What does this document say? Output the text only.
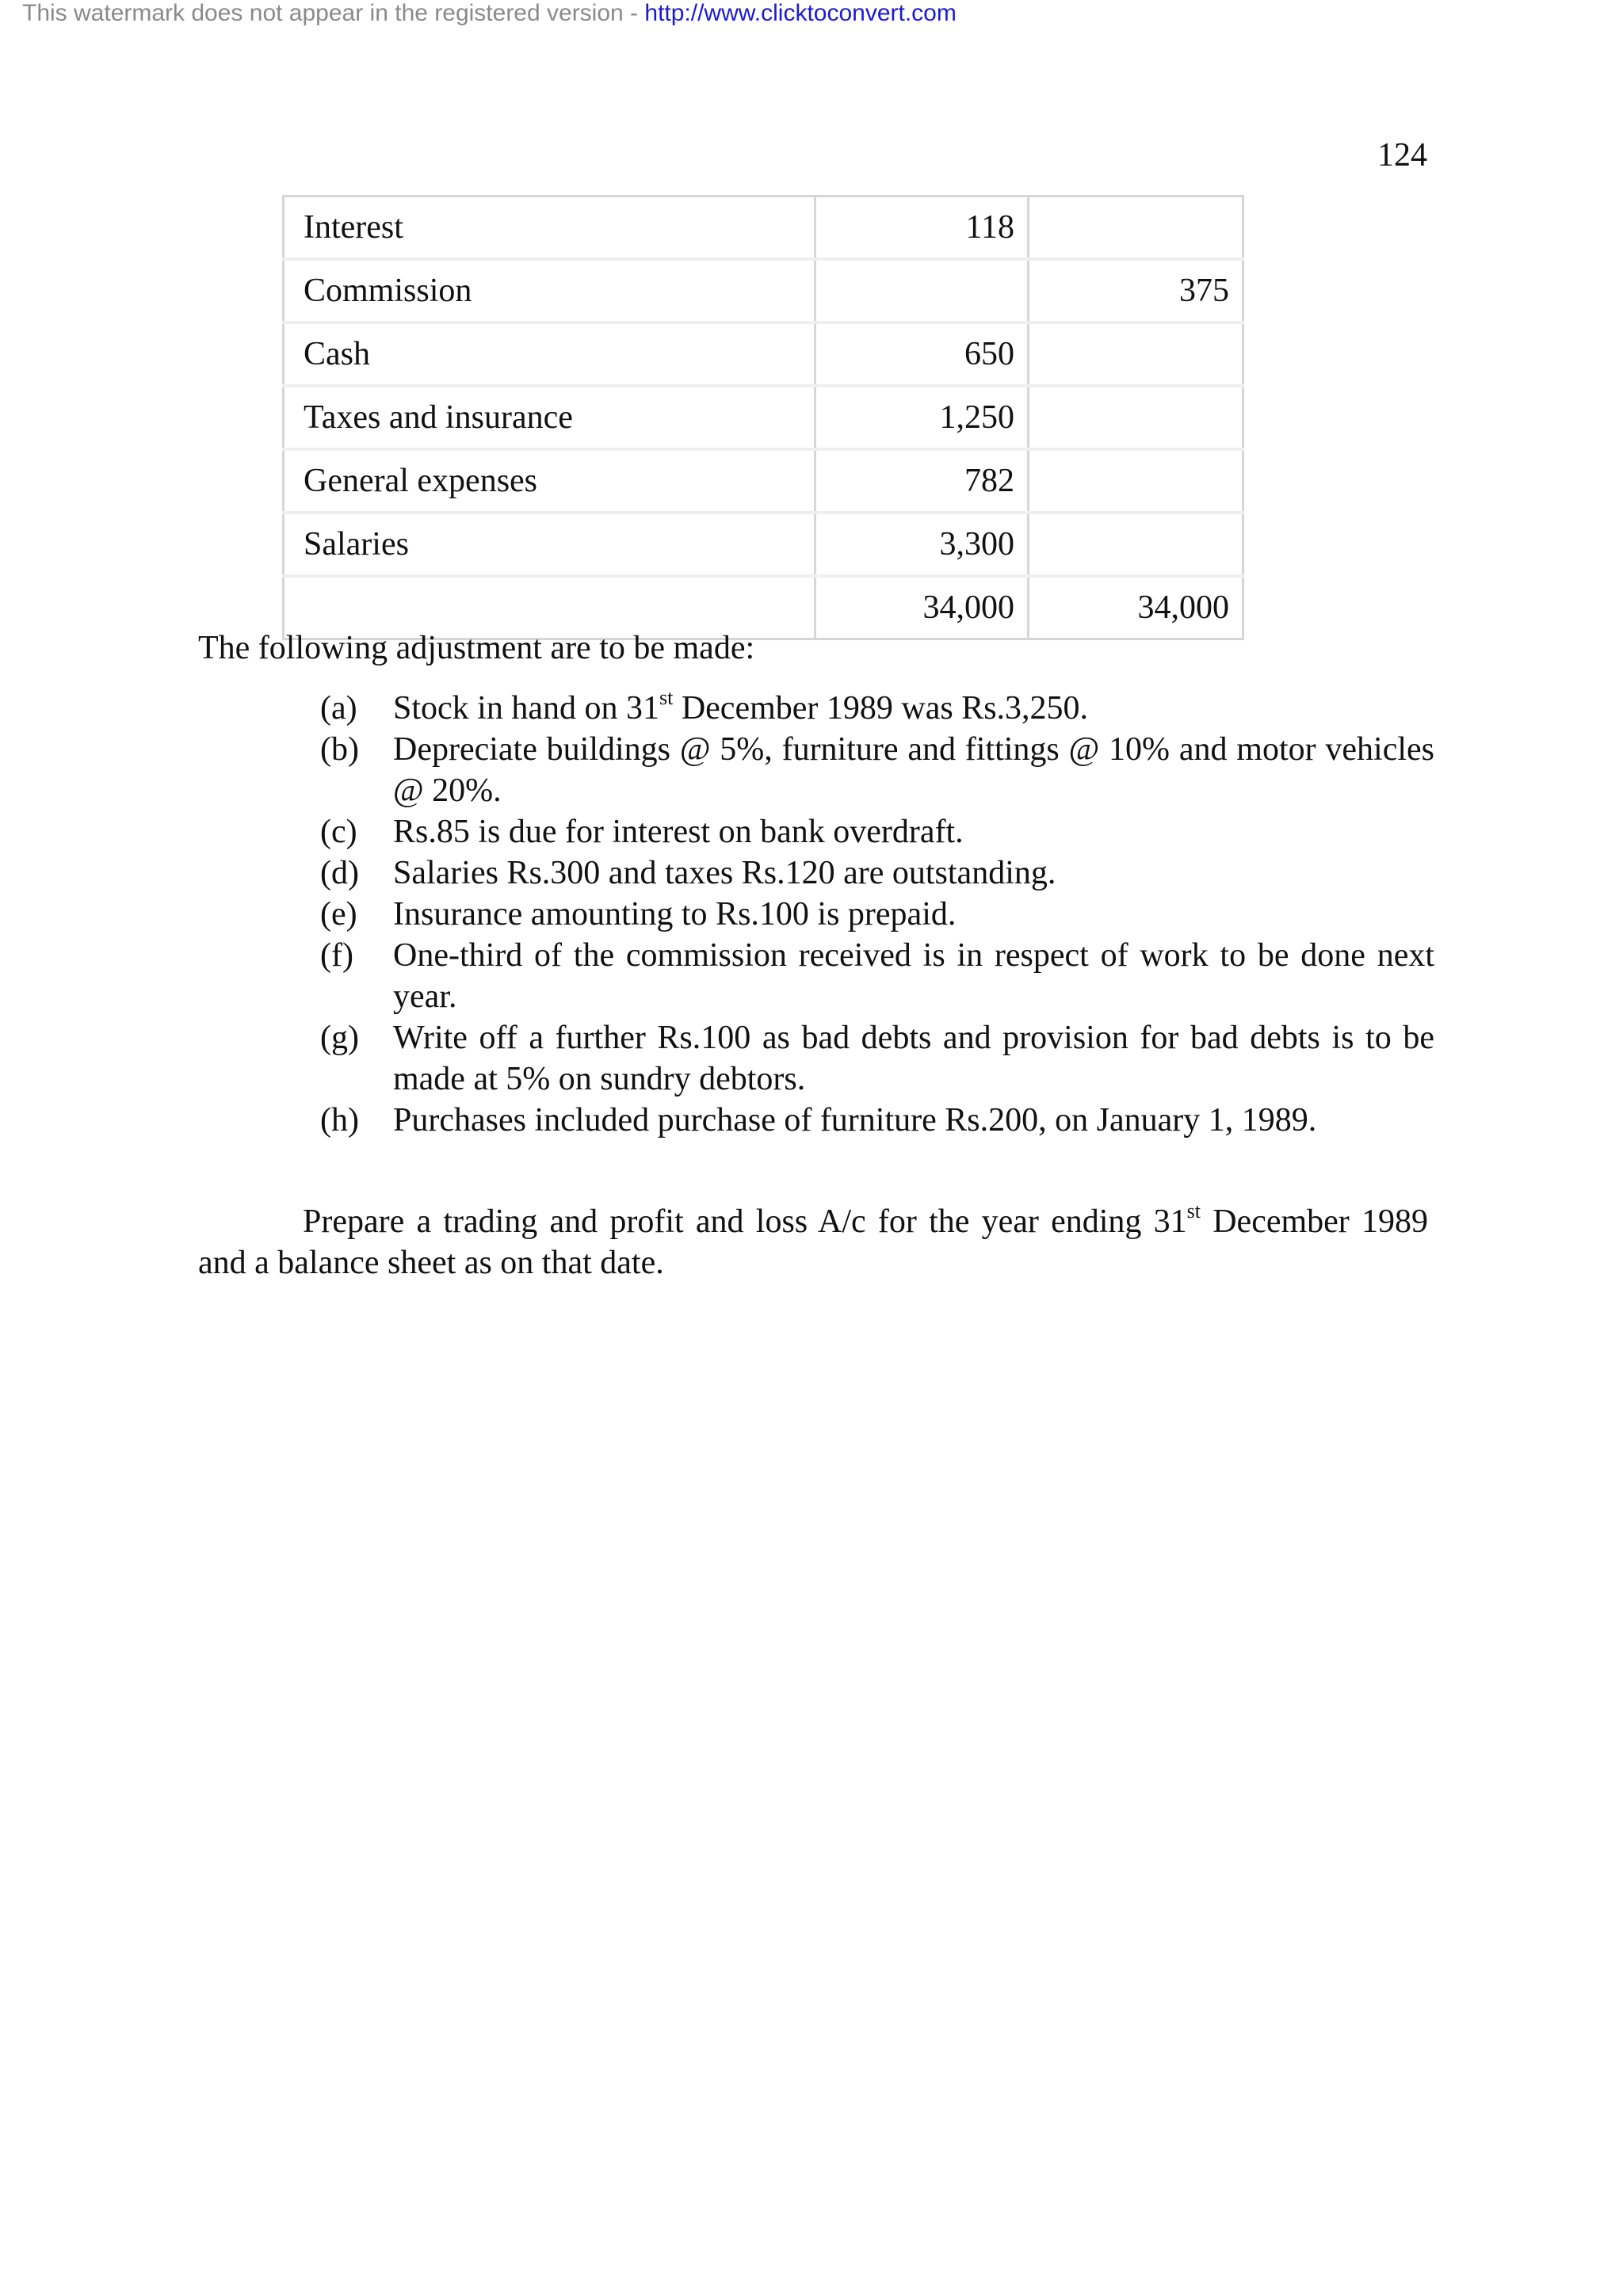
This watermark does not appear in the registered version - http://www.clicktoconvert.com
124
Interest	118	
Commission		375
Cash	650	
Taxes and insurance	1,250	
General expenses	782	
Salaries	3,300	
	34,000	34,000
The following adjustment are to be made:
(a)	Stock in hand on 31st December 1989 was Rs.3,250.
(b)	Depreciate buildings @ 5%, furniture and fittings @ 10% and motor vehicles @ 20%.
(c)	Rs.85 is due for interest on bank overdraft.
(d)	Salaries Rs.300 and taxes Rs.120 are outstanding.
(e)	Insurance amounting to Rs.100 is prepaid.
(f)	One-third of the commission received is in respect of work to be done next year.
(g)	Write off a further Rs.100 as bad debts and provision for bad debts is to be made at 5% on sundry debtors.
(h)	Purchases included purchase of furniture Rs.200, on January 1, 1989.
Prepare a trading and profit and loss A/c for the year ending 31st December 1989 and a balance sheet as on that date.
